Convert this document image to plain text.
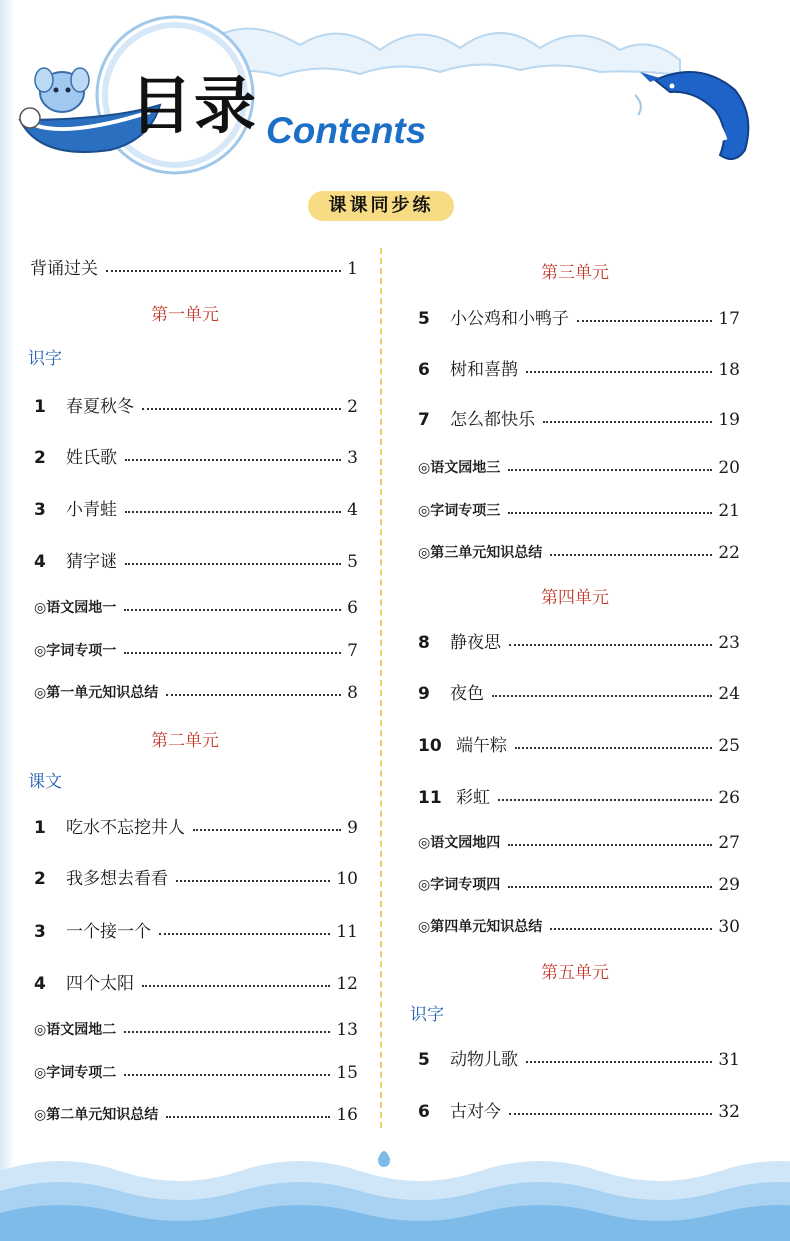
目录 Contents
课课同步练
背诵过关	1
第一单元
识字
1 春夏秋冬	2
2 姓氏歌	3
3 小青蛙	4
4 猜字谜	5
◎语文园地一	6
◎字词专项一	7
◎第一单元知识总结	8
第二单元
课文
1 吃水不忘挖井人	9
2 我多想去看看	10
3 一个接一个	11
4 四个太阳	12
◎语文园地二	13
◎字词专项二	15
◎第二单元知识总结	16
第三单元
5 小公鸡和小鸭子	17
6 树和喜鹊	18
7 怎么都快乐	19
◎语文园地三	20
◎字词专项三	21
◎第三单元知识总结	22
第四单元
8 静夜思	23
9 夜色	24
10 端午粽	25
11 彩虹	26
◎语文园地四	27
◎字词专项四	29
◎第四单元知识总结	30
第五单元
识字
5 动物儿歌	31
6 古对今	32
